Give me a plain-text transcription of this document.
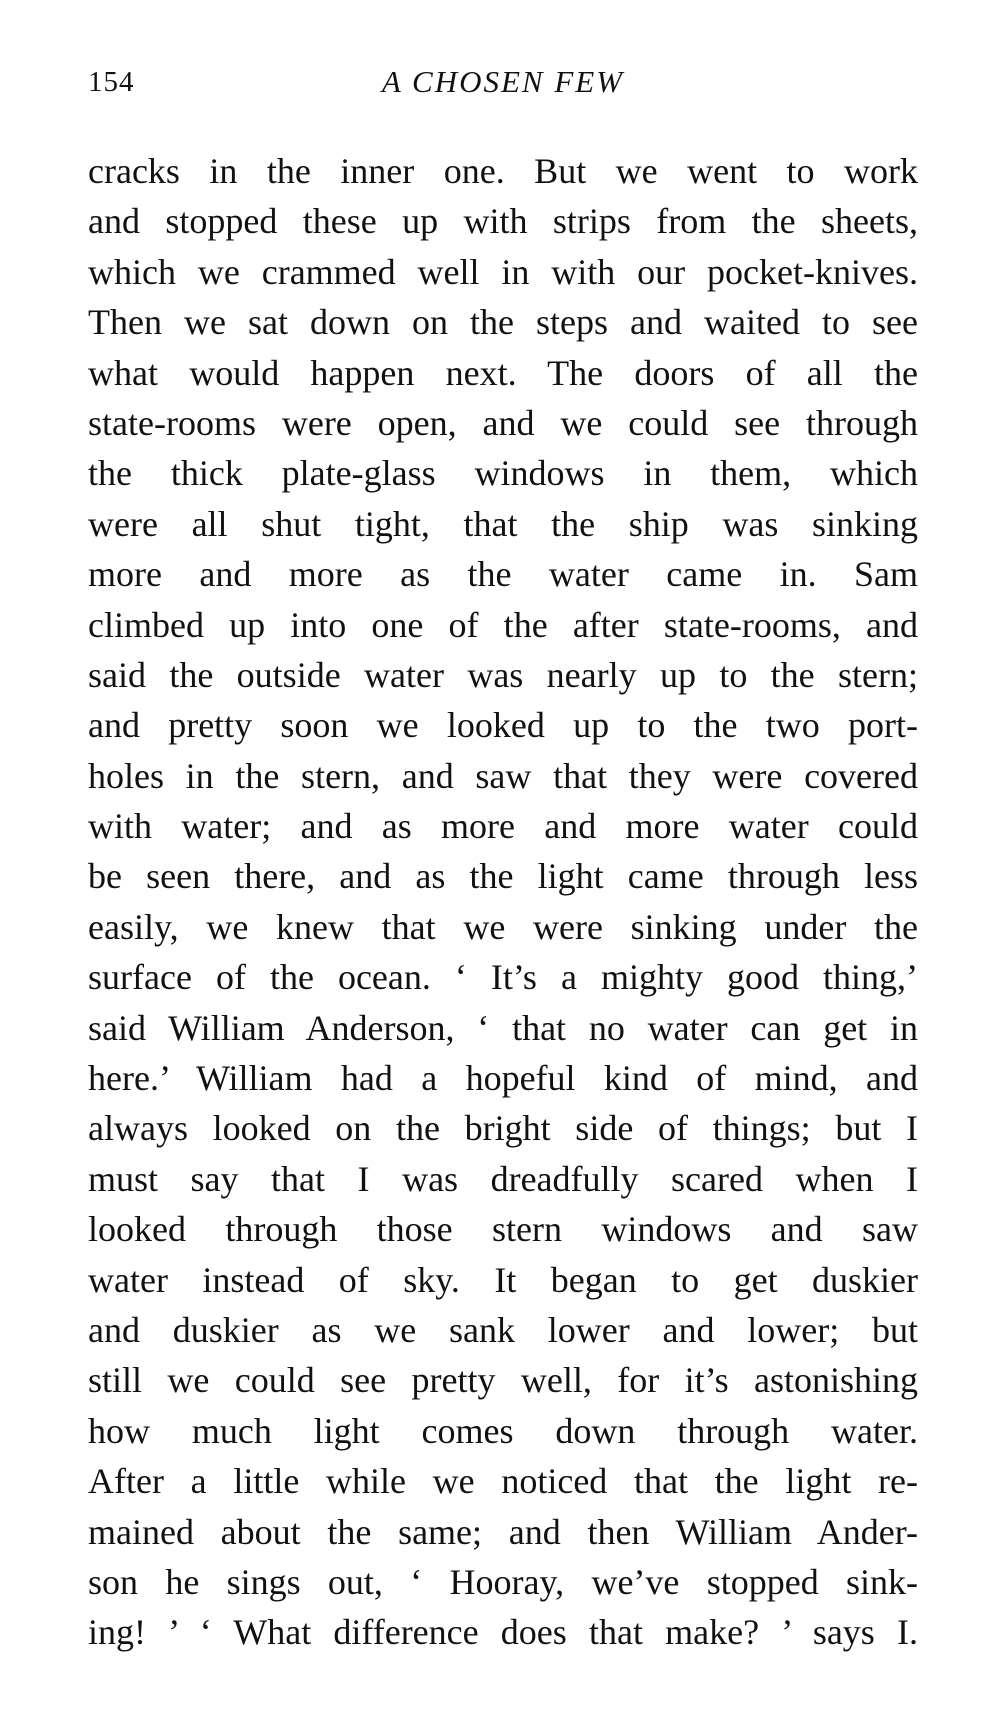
154	A CHOSEN FEW
cracks in the inner one. But we went to work
and stopped these up with strips from the sheets,
which we crammed well in with our pocket-knives.
Then we sat down on the steps and waited to see
what would happen next. The doors of all the
state-rooms were open, and we could see through
the thick plate-glass windows in them, which
were all shut tight, that the ship was sinking
more and more as the water came in. Sam
climbed up into one of the after state-rooms, and
said the outside water was nearly up to the stern;
and pretty soon we looked up to the two port-
holes in the stern, and saw that they were covered
with water; and as more and more water could
be seen there, and as the light came through less
easily, we knew that we were sinking under the
surface of the ocean. ‘ It’s a mighty good thing,’
said William Anderson, ‘ that no water can get in
here.’ William had a hopeful kind of mind, and
always looked on the bright side of things; but I
must say that I was dreadfully scared when I
looked through those stern windows and saw
water instead of sky. It began to get duskier
and duskier as we sank lower and lower; but
still we could see pretty well, for it’s astonishing
how much light comes down through water.
After a little while we noticed that the light re-
mained about the same; and then William Ander-
son he sings out, ‘ Hooray, we’ve stopped sink-
ing! ’ ‘ What difference does that make? ’ says I.
